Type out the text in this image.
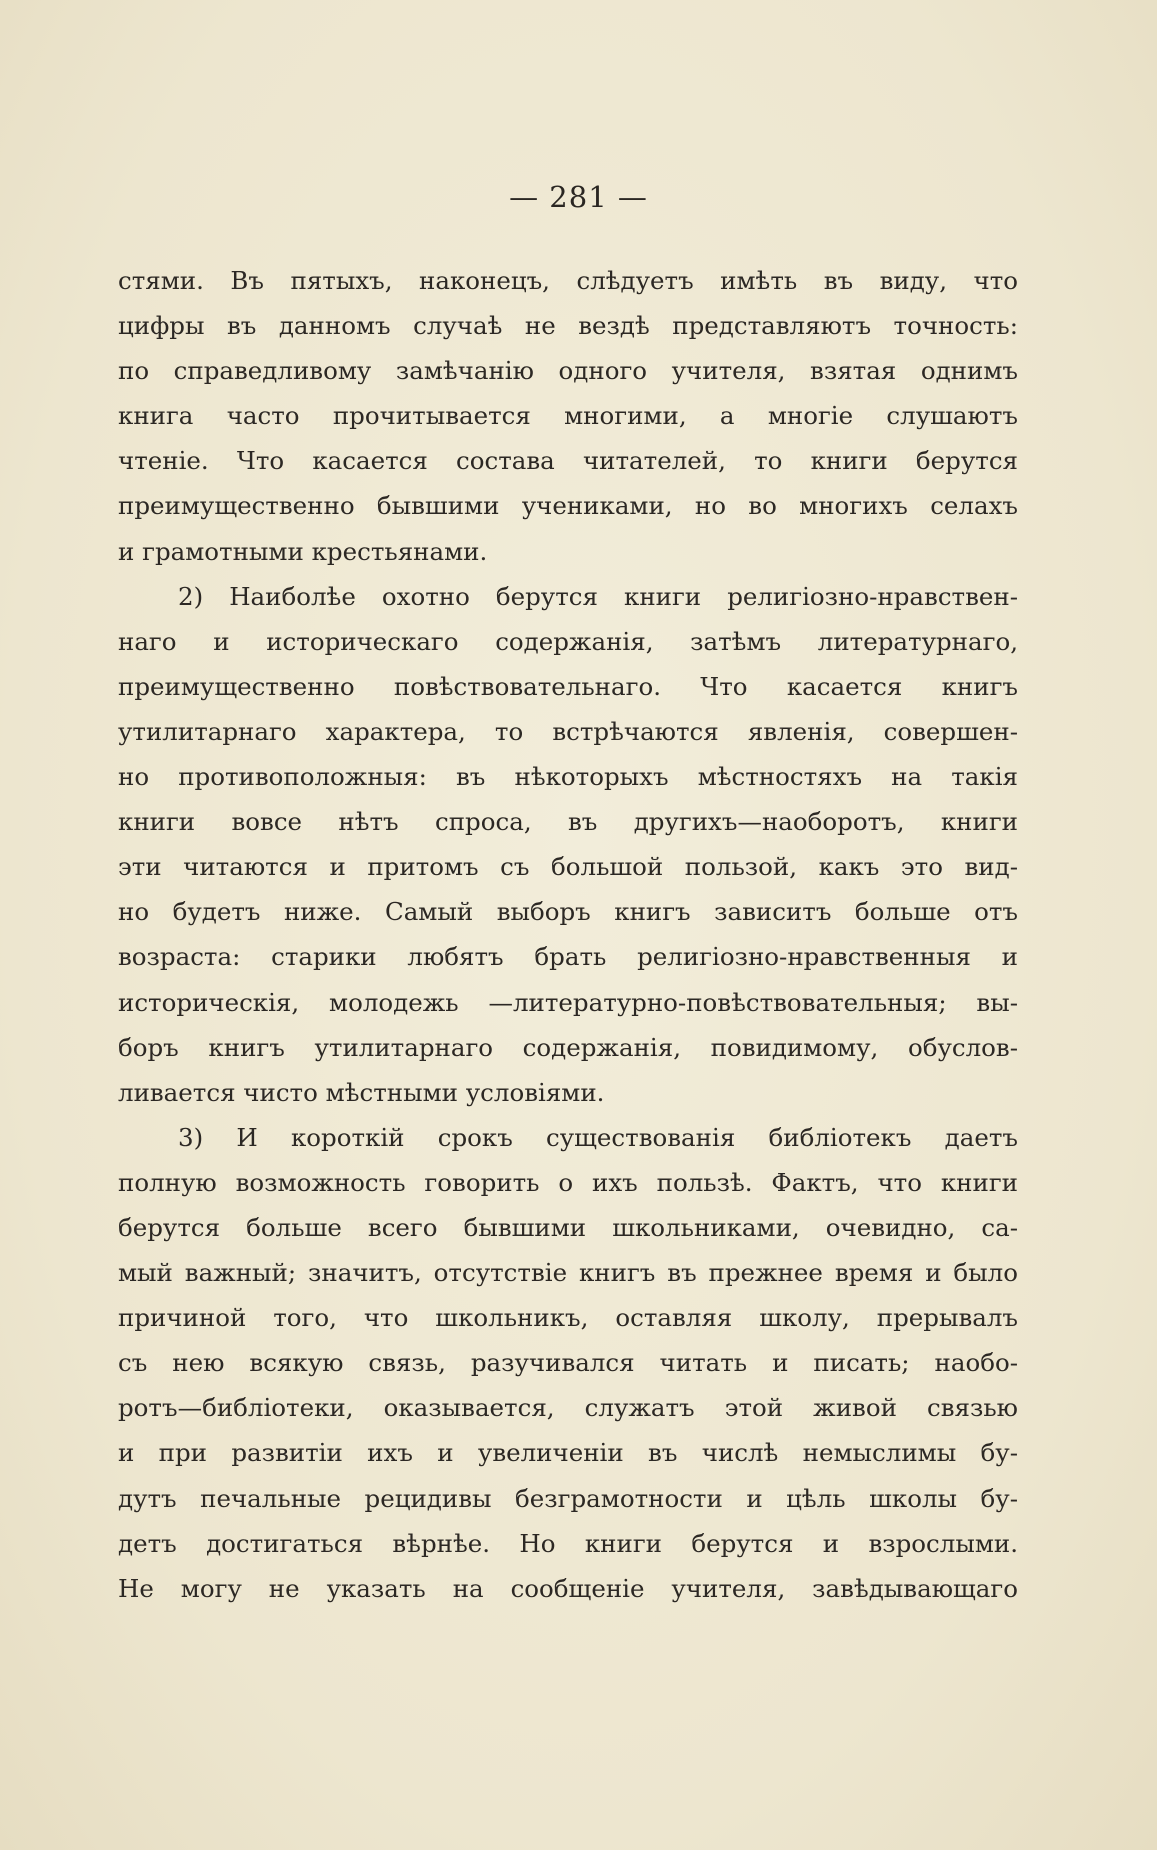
— 281 —
стями. Въ пятыхъ, наконецъ, слѣдуетъ имѣть въ виду, что
цифры въ данномъ случаѣ не вездѣ представляютъ точность:
по справедливому замѣчанію одного учителя, взятая однимъ
книга часто прочитывается многими, а многіе слушаютъ
чтеніе. Что касается состава читателей, то книги берутся
преимущественно бывшими учениками, но во многихъ селахъ
и грамотными крестьянами.
2) Наиболѣе охотно берутся книги религіозно-нравствен-
наго и историческаго содержанія, затѣмъ литературнаго,
преимущественно повѣствовательнаго. Что касается книгъ
утилитарнаго характера, то встрѣчаются явленія, совершен-
но противоположныя: въ нѣкоторыхъ мѣстностяхъ на такія
книги вовсе нѣтъ спроса, въ другихъ—наоборотъ, книги
эти читаются и притомъ съ большой пользой, какъ это вид-
но будетъ ниже. Самый выборъ книгъ зависитъ больше отъ
возраста: старики любятъ брать религіозно-нравственныя и
историческія, молодежь —литературно-повѣствовательныя; вы-
боръ книгъ утилитарнаго содержанія, повидимому, обуслов-
ливается чисто мѣстными условіями.
3) И короткій срокъ существованія библіотекъ даетъ
полную возможность говорить о ихъ пользѣ. Фактъ, что книги
берутся больше всего бывшими школьниками, очевидно, са-
мый важный; значитъ, отсутствіе книгъ въ прежнее время и было
причиной того, что школьникъ, оставляя школу, прерывалъ
съ нею всякую связь, разучивался читать и писать; наобо-
ротъ—библіотеки, оказывается, служатъ этой живой связью
и при развитіи ихъ и увеличеніи въ числѣ немыслимы бу-
дутъ печальные рецидивы безграмотности и цѣль школы бу-
детъ достигаться вѣрнѣе. Но книги берутся и взрослыми.
Не могу не указать на сообщеніе учителя, завѣдывающаго
